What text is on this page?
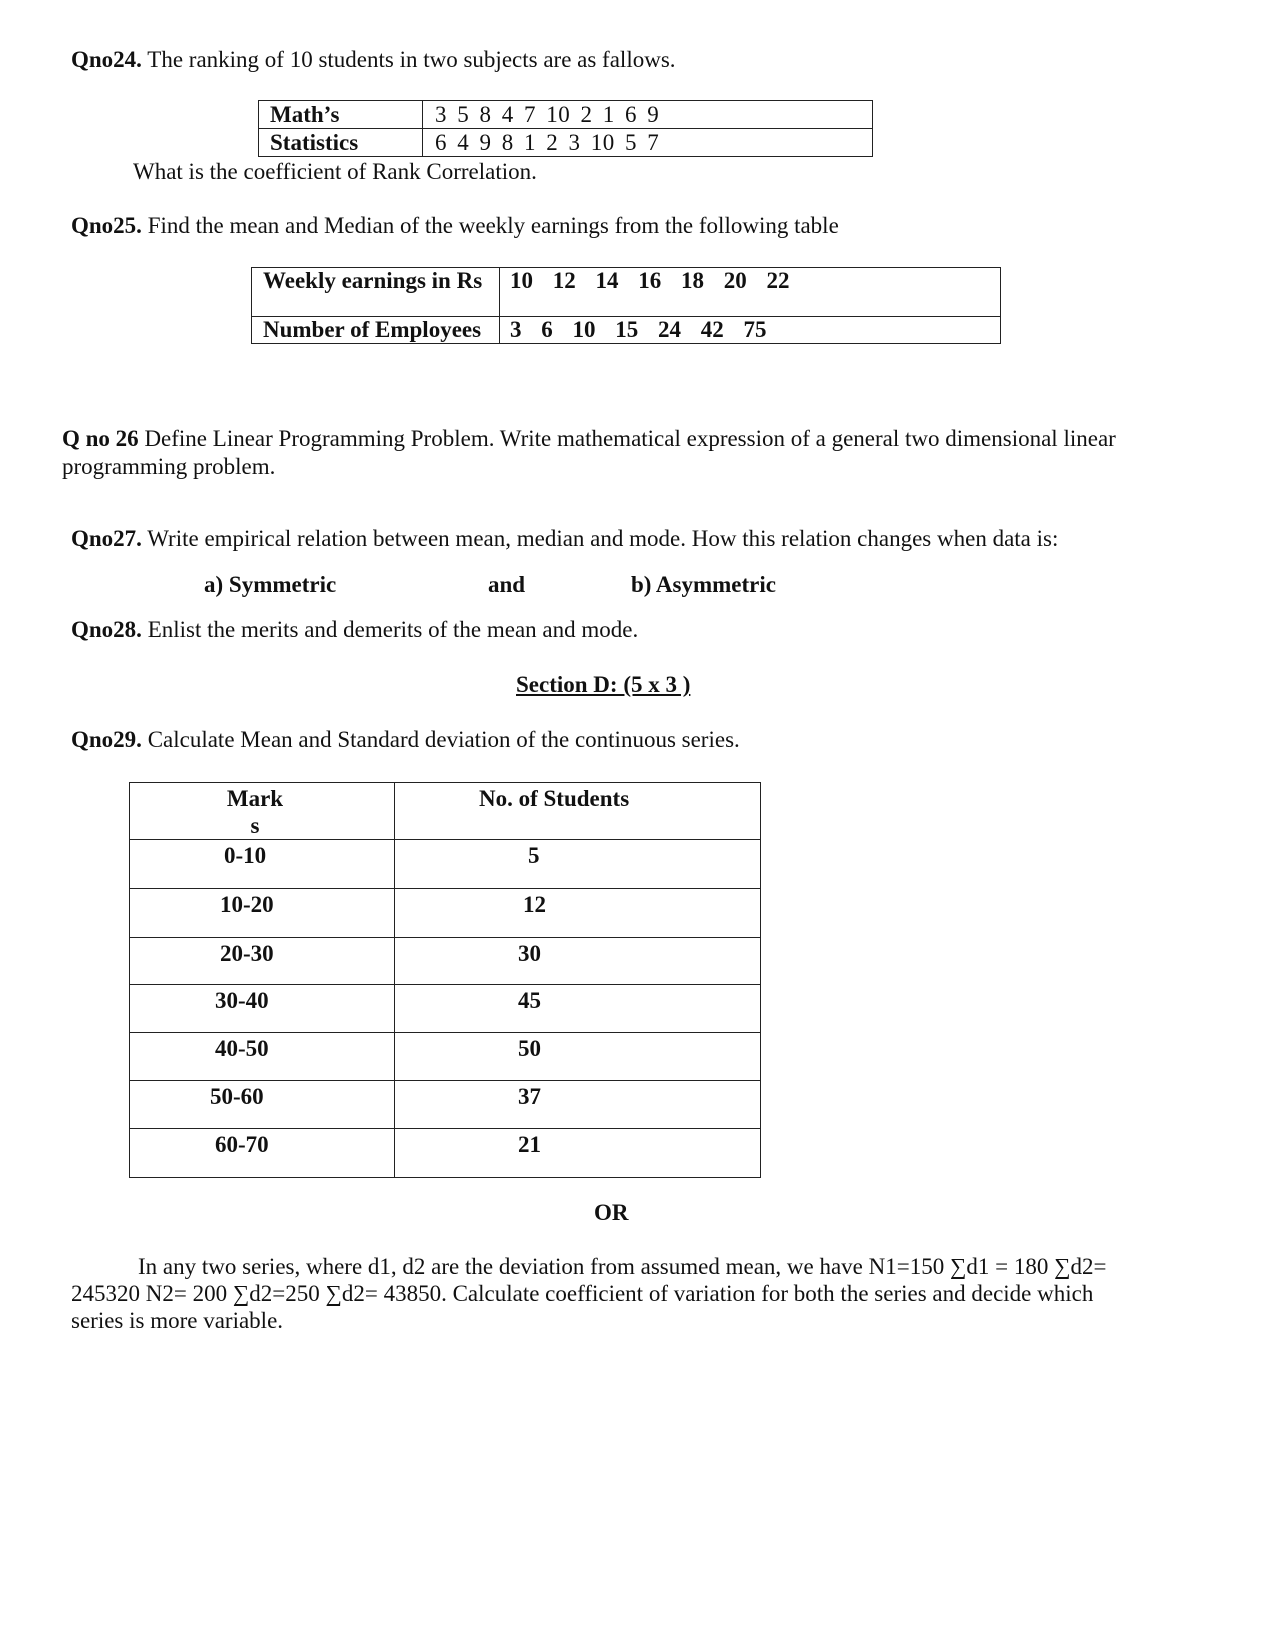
Qno24. The ranking of 10 students in two subjects are as fallows.
Math’s	3 5 8 4 7 10 2 1 6 9
Statistics	6 4 9 8 1 2 3 10 5 7
What is the coefficient of Rank Correlation.
Qno25. Find the mean and Median of the weekly earnings from the following table
Weekly earnings in Rs	10 12 14 16 18 20 22
Number of Employees	3 6 10 15 24 42 75
Q no 26 Define Linear Programming Problem. Write mathematical expression of a general two dimensional linear programming problem.
Qno27. Write empirical relation between mean, median and mode. How this relation changes when data is:
a) Symmetric	and	b) Asymmetric
Qno28. Enlist the merits and demerits of the mean and mode.
Section D: (5 x 3 )
Qno29. Calculate Mean and Standard deviation of the continuous series.
Mark s	No. of Students
0-10	5
10-20	12
20-30	30
30-40	45
40-50	50
50-60	37
60-70	21
OR
In any two series, where d1, d2 are the deviation from assumed mean, we have N1=150 ∑d1 = 180 ∑d2= 245320 N2= 200 ∑d2=250 ∑d2= 43850. Calculate coefficient of variation for both the series and decide which series is more variable.
